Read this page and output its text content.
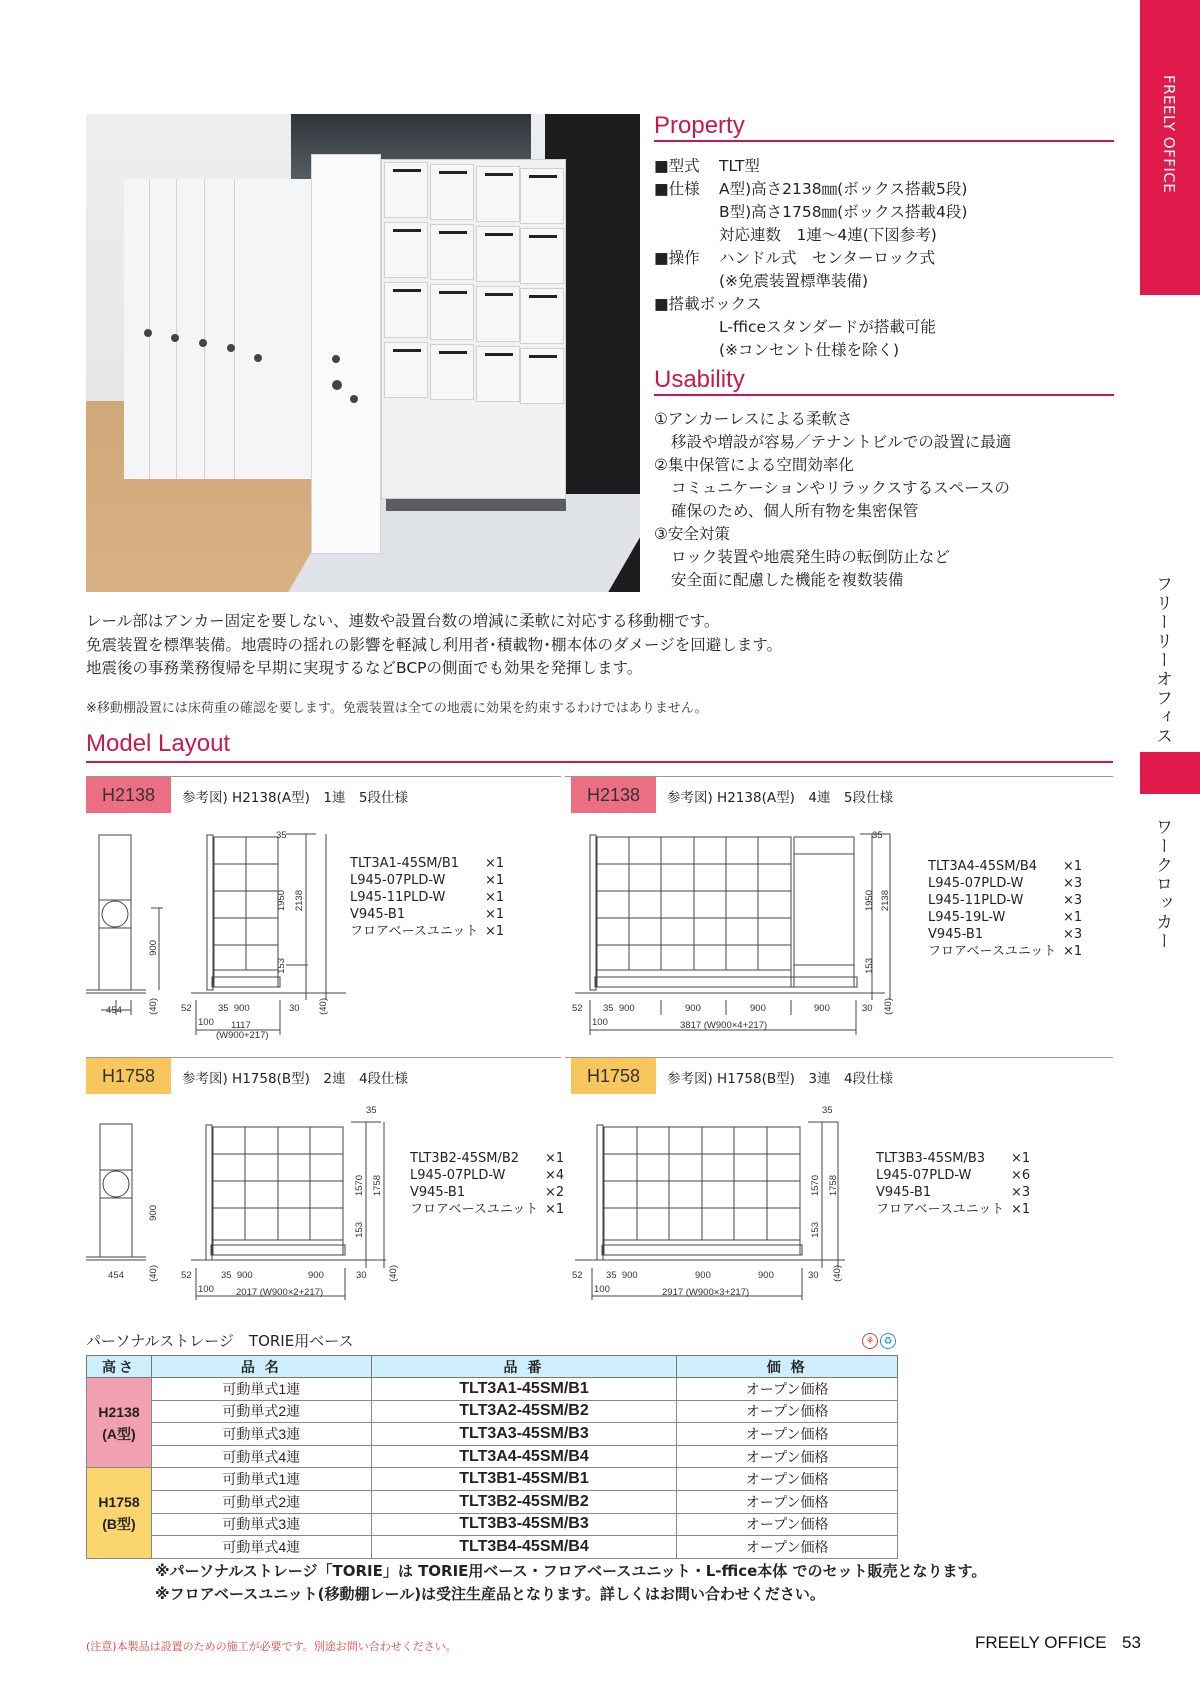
FREELY OFFICE
フリーリーオフィス
ワークロッカー
Property
■型式	TLT型
■仕様	A型)高さ2138㎜(ボックス搭載5段)
B型)高さ1758㎜(ボックス搭載4段)
対応連数　1連〜4連(下図参考)
■操作	ハンドル式　センターロック式
(※免震装置標準装備)
■搭載ボックス
L-fficeスタンダードが搭載可能
(※コンセント仕様を除く)
Usability
①アンカーレスによる柔軟さ
移設や増設が容易／テナントビルでの設置に最適
②集中保管による空間効率化
コミュニケーションやリラックスするスペースの
確保のため、個人所有物を集密保管
③安全対策
ロック装置や地震発生時の転倒防止など
安全面に配慮した機能を複数装備
レール部はアンカー固定を要しない、連数や設置台数の増減に柔軟に対応する移動棚です。
免震装置を標準装備。地震時の揺れの影響を軽減し利用者･積載物･棚本体のダメージを回避します。
地震後の事務業務復帰を早期に実現するなどBCPの側面でも効果を発揮します。
※移動棚設置には床荷重の確認を要します。免震装置は全ての地震に効果を約束するわけではありません。
Model Layout
H2138	参考図) H2138(A型)　1連　5段仕様
TLT3A1-45SM/B1	×1
L945-07PLD-W	×1
L945-11PLD-W	×1
V945-B1	×1
フロアベースユニット ×1
35
1950 2138
153
900
454	(40)	(40)
52	35  900	30
100 1117
(W900+217)
H2138	参考図) H2138(A型)　4連　5段仕様
TLT3A4-45SM/B4	×1
L945-07PLD-W	×3
L945-11PLD-W	×3
L945-19L-W	×1
V945-B1	×3
フロアベースユニット ×1
35
1950 2138
153
(40)
52 35  900	900	900	900	30
100	3817 (W900×4+217)
H1758	参考図) H1758(B型)　2連　4段仕様
TLT3B2-45SM/B2	×1
L945-07PLD-W	×4
V945-B1	×2
フロアベースユニット ×1
35
1570 1758
153
900
454	(40)	(40)
52	35  900	900	30
100 2017 (W900×2+217)
H1758	参考図) H1758(B型)　3連　4段仕様
TLT3B3-45SM/B3	×1
L945-07PLD-W	×6
V945-B1	×3
フロアベースユニット ×1
35
1570 1758
153
(40)
52 35  900	900	900	30
100	2917 (W900×3+217)
パーソナルストレージ　TORIE用ベース	⚘ ♻
高さ	品 名	品 番	価 格

H2138
(A型)	可動単式1連	TLT3A1-45SM/B1	オープン価格
	可動単式2連	TLT3A2-45SM/B2	オープン価格
	可動単式3連	TLT3A3-45SM/B3	オープン価格
	可動単式4連	TLT3A4-45SM/B4	オープン価格

H1758
(B型)	可動単式1連	TLT3B1-45SM/B1	オープン価格
	可動単式2連	TLT3B2-45SM/B2	オープン価格
	可動単式3連	TLT3B3-45SM/B3	オープン価格
	可動単式4連	TLT3B4-45SM/B4	オープン価格
※パーソナルストレージ「TORIE」は TORIE用ベース・フロアベースユニット・L-ffice本体 でのセット販売となります。
※フロアベースユニット(移動棚レール)は受注生産品となります。詳しくはお問い合わせください。
(注意)本製品は設置のための施工が必要です。別途お問い合わせください。	FREELY OFFICE 53
